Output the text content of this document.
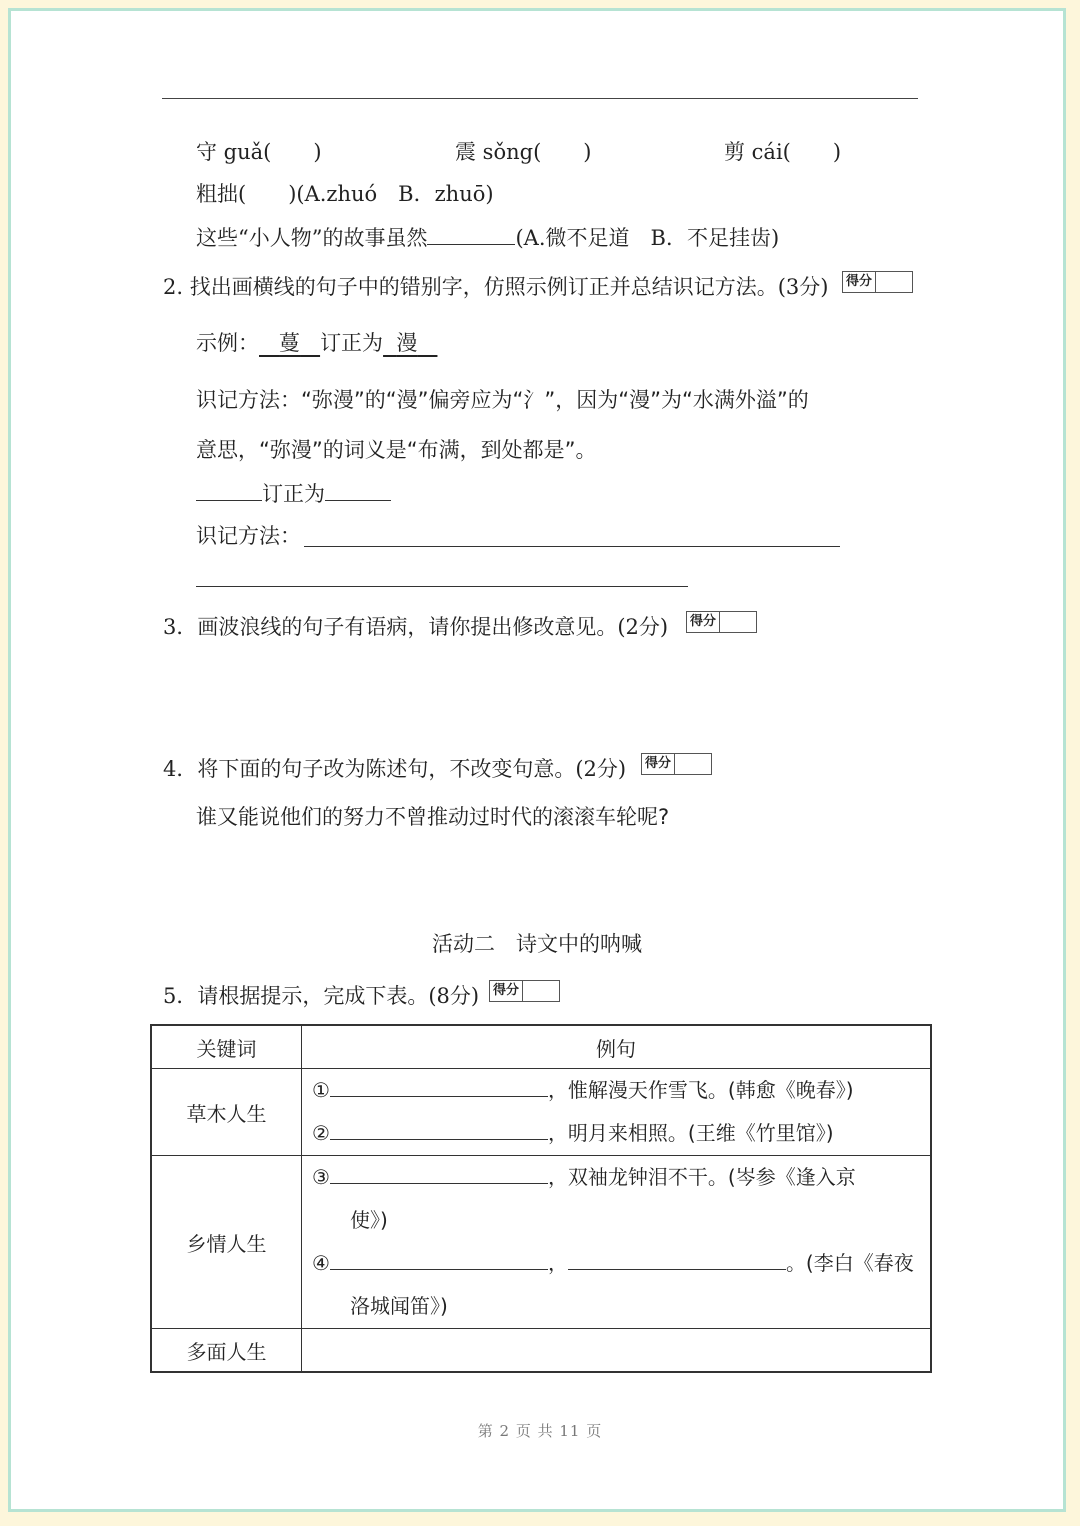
守 guǎ(　　)	震 sǒng(　　)	剪 cái(　　)
粗拙(　　)(A.zhuó　B．zhuō)
这些“小人物”的故事虽然	(A.微不足道　B．不足挂齿)
2. 找出画横线的句子中的错别字，仿照示例订正并总结识记方法。(3分) 得分
示例： 蔓 订正为 漫
识记方法：“弥漫”的“漫”偏旁应为“氵”，因为“漫”为“水满外溢”的
意思，“弥漫”的词义是“布满，到处都是”。
订正为
识记方法：
3．画波浪线的句子有语病，请你提出修改意见。(2分) 得分
4．将下面的句子改为陈述句，不改变句意。(2分) 得分
谁又能说他们的努力不曾推动过时代的滚滚车轮呢?
活动二　诗文中的呐喊
5．请根据提示，完成下表。(8分) 得分
关键词	例句
草木人生	① ，惟解漫天作雪飞。(韩愈《晚春》)
② ，明月来相照。(王维《竹里馆》)

乡情人生	③ ，双袖龙钟泪不干。(岑参《逢入京
使》)
④ ， 。(李白《春夜
洛城闻笛》)

多面人生	
第 2 页 共 11 页
